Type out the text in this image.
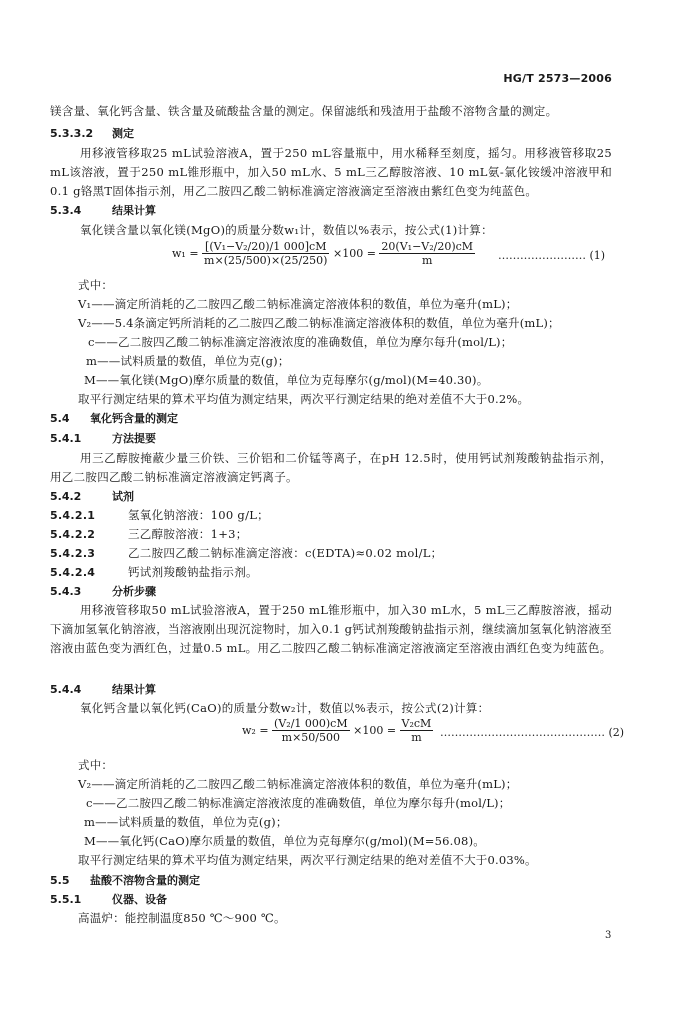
HG/T 2573—2006
镁含量、氧化钙含量、铁含量及硫酸盐含量的测定。保留滤纸和残渣用于盐酸不溶物含量的测定。
5.3.3.2 测定
用移液管移取25 mL试验溶液A，置于250 mL容量瓶中，用水稀释至刻度，摇匀。用移液管移取25 mL该溶液，置于250 mL锥形瓶中，加入50 mL水、5 mL三乙醇胺溶液、10 mL氨-氯化铵缓冲溶液甲和0.1 g铬黑T固体指示剂，用乙二胺四乙酸二钠标准滴定溶液滴定至溶液由紫红色变为纯蓝色。
5.3.4	结果计算
氧化镁含量以氧化镁(MgO)的质量分数w₁计，数值以%表示，按公式(1)计算：
$w_1 = \frac{\text{[(V₁−V₂/20)/1 000]cM}}{m\times(25/500)\times(25/250)} \times 100 = \frac{\text{20(V₁−V₂/20)cM}}{m}$ …………………… (1)
式中：
V₁——滴定所消耗的乙二胺四乙酸二钠标准滴定溶液体积的数值，单位为毫升(mL)；
V₂——5.4条滴定钙所消耗的乙二胺四乙酸二钠标准滴定溶液体积的数值，单位为毫升(mL)；
c——乙二胺四乙酸二钠标准滴定溶液浓度的准确数值，单位为摩尔每升(mol/L)；
m——试料质量的数值，单位为克(g)；
M——氧化镁(MgO)摩尔质量的数值，单位为克每摩尔(g/mol)(M=40.30)。
取平行测定结果的算术平均值为测定结果，两次平行测定结果的绝对差值不大于0.2%。
5.4 氧化钙含量的测定
5.4.1	方法提要
用三乙醇胺掩蔽少量三价铁、三价铝和二价锰等离子，在pH 12.5时，使用钙试剂羧酸钠盐指示剂，用乙二胺四乙酸二钠标准滴定溶液滴定钙离子。
5.4.2	试剂
5.4.2.1	氢氧化钠溶液：100 g/L；
5.4.2.2	三乙醇胺溶液：1+3；
5.4.2.3	乙二胺四乙酸二钠标准滴定溶液：c(EDTA)≈0.02 mol/L；
5.4.2.4	钙试剂羧酸钠盐指示剂。
5.4.3	分析步骤
用移液管移取50 mL试验溶液A，置于250 mL锥形瓶中，加入30 mL水，5 mL三乙醇胺溶液，摇动下滴加氢氧化钠溶液，当溶液刚出现沉淀物时，加入0.1 g钙试剂羧酸钠盐指示剂，继续滴加氢氧化钠溶液至溶液由蓝色变为酒红色，过量0.5 mL。用乙二胺四乙酸二钠标准滴定溶液滴定至溶液由酒红色变为纯蓝色。
5.4.4	结果计算
氧化钙含量以氧化钙(CaO)的质量分数w₂计，数值以%表示，按公式(2)计算：
$w_2 = \frac{\text{(V₂/1 000)cM}}{m\times 50/500} \times 100 = \frac{\text{V₂cM}}{m}$ ……………………………………… (2)
式中：
V₂——滴定所消耗的乙二胺四乙酸二钠标准滴定溶液体积的数值，单位为毫升(mL)；
c——乙二胺四乙酸二钠标准滴定溶液浓度的准确数值，单位为摩尔每升(mol/L)；
m——试料质量的数值，单位为克(g)；
M——氧化钙(CaO)摩尔质量的数值，单位为克每摩尔(g/mol)(M=56.08)。
取平行测定结果的算术平均值为测定结果，两次平行测定结果的绝对差值不大于0.03%。
5.5 盐酸不溶物含量的测定
5.5.1	仪器、设备
高温炉：能控制温度850 ℃～900 ℃。
3
